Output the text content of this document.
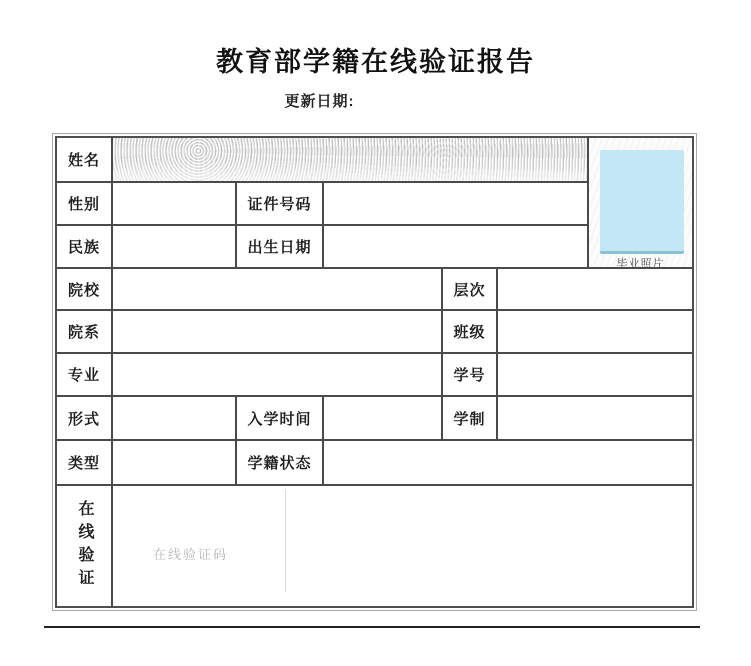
教育部学籍在线验证报告
更新日期:
姓名
毕业照片
性别	证件号码
民族	出生日期
院校	层次
院系	班级
专业	学号
形式	入学时间	学制
类型	学籍状态
在线验证	在线验证码
